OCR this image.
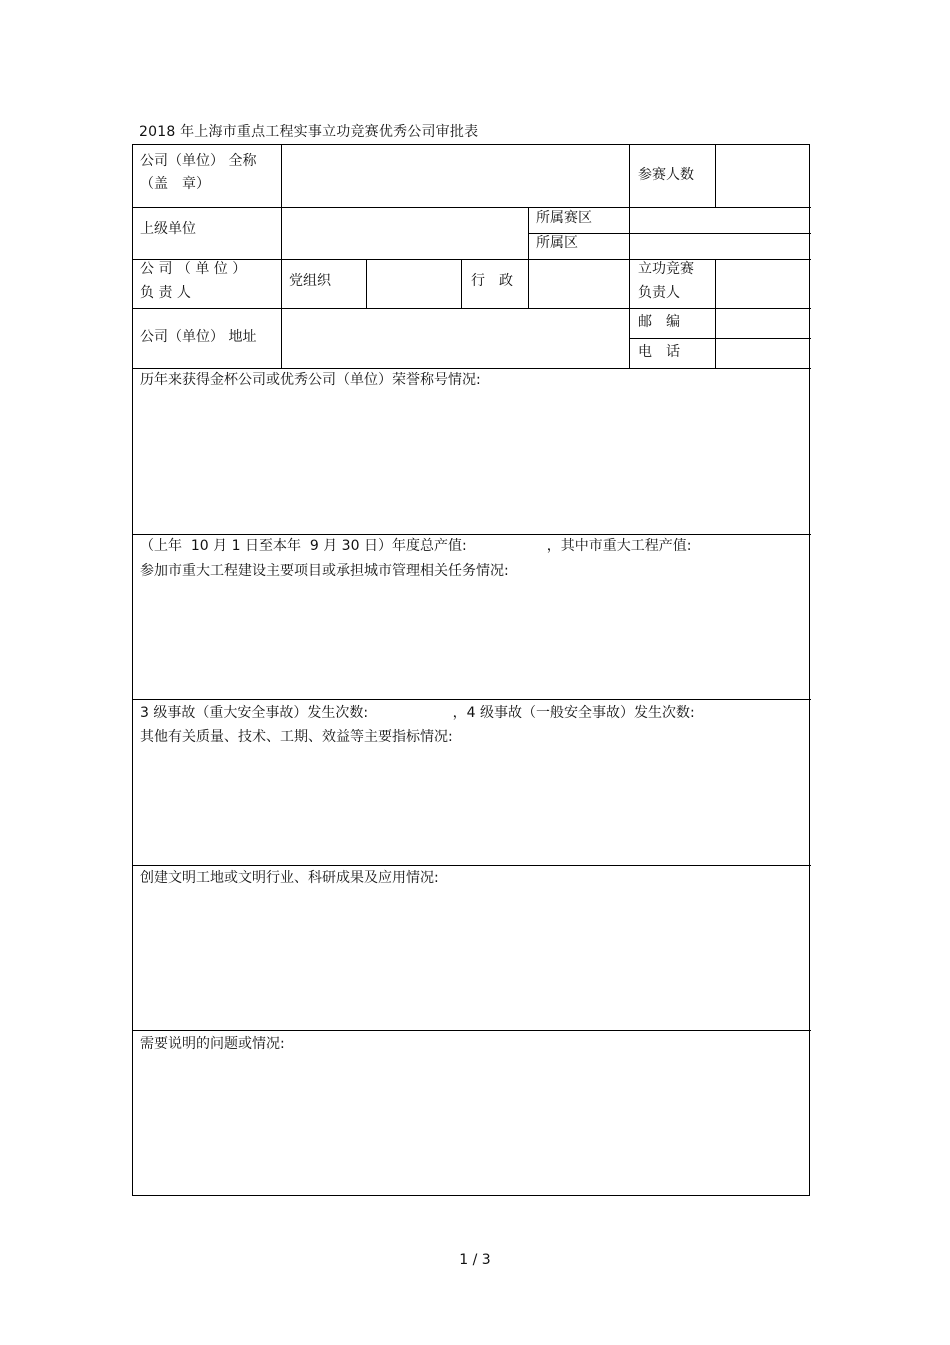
2018 年上海市重点工程实事立功竞赛优秀公司审批表
公司（单位） 全称
（盖　章）
参赛人数
上级单位
所属赛区
所属区
公 司 （ 单 位 ）
负 责 人
党组织	行　政
立功竞赛
负责人
公司（单位） 地址
邮　编
电　话
历年来获得金杯公司或优秀公司（单位）荣誉称号情况:
（上年  10 月 1 日至本年  9 月 30 日）年度总产值:                  ，其中市重大工程产值:
参加市重大工程建设主要项目或承担城市管理相关任务情况:
3 级事故（重大安全事故）发生次数:                   ，4 级事故（一般安全事故）发生次数:
其他有关质量、技术、工期、效益等主要指标情况:
创建文明工地或文明行业、科研成果及应用情况:
需要说明的问题或情况:
1 / 3
